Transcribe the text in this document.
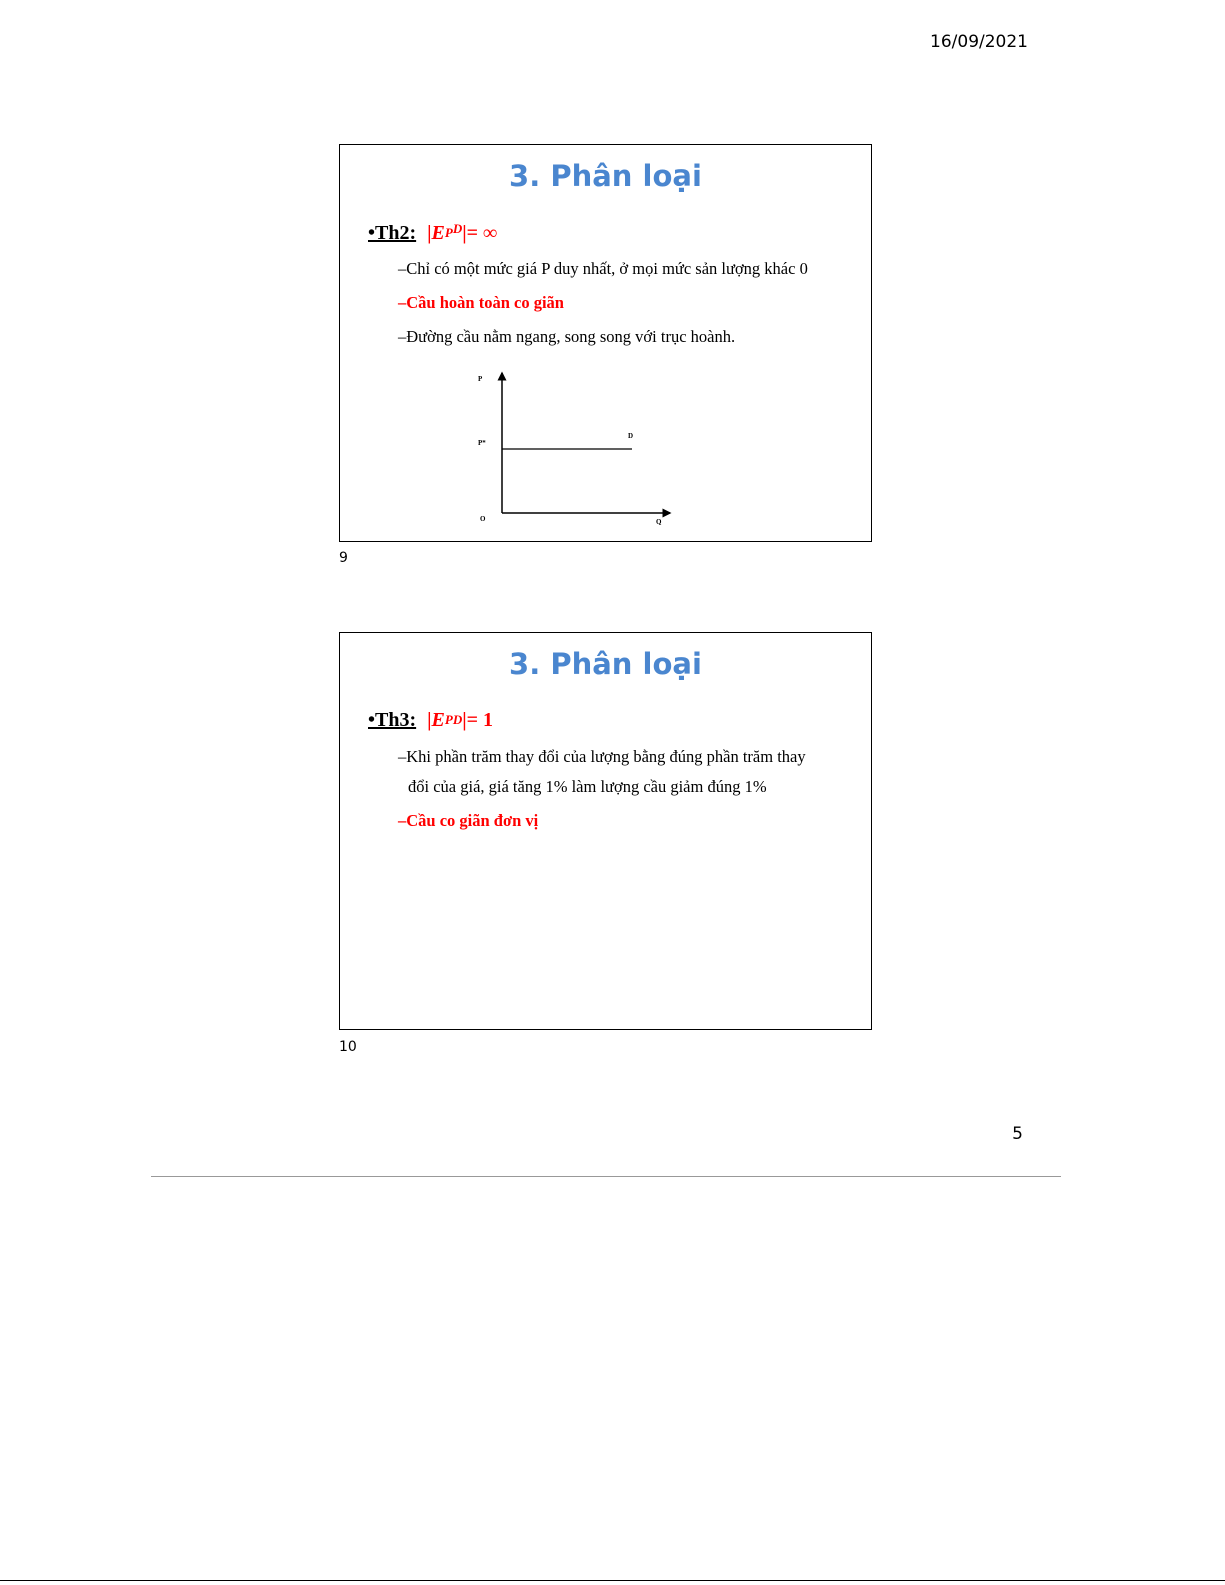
16/09/2021
3. Phân loại
•Th2: $|EP^D|=$ ∞
–Chỉ có một mức giá P duy nhất, ở mọi mức sản lượng khác 0
–Cầu hoàn toàn co giãn
–Đường cầu nằm ngang, song song với trục hoành.
P
P*
D
O	Q
9
3. Phân loại
•Th3: |EPD|= 1
–Khi phần trăm thay đổi của lượng bằng đúng phần trăm thay
đổi của giá, giá tăng 1% làm lượng cầu giảm đúng 1%
–Cầu co giãn đơn vị
10
5
